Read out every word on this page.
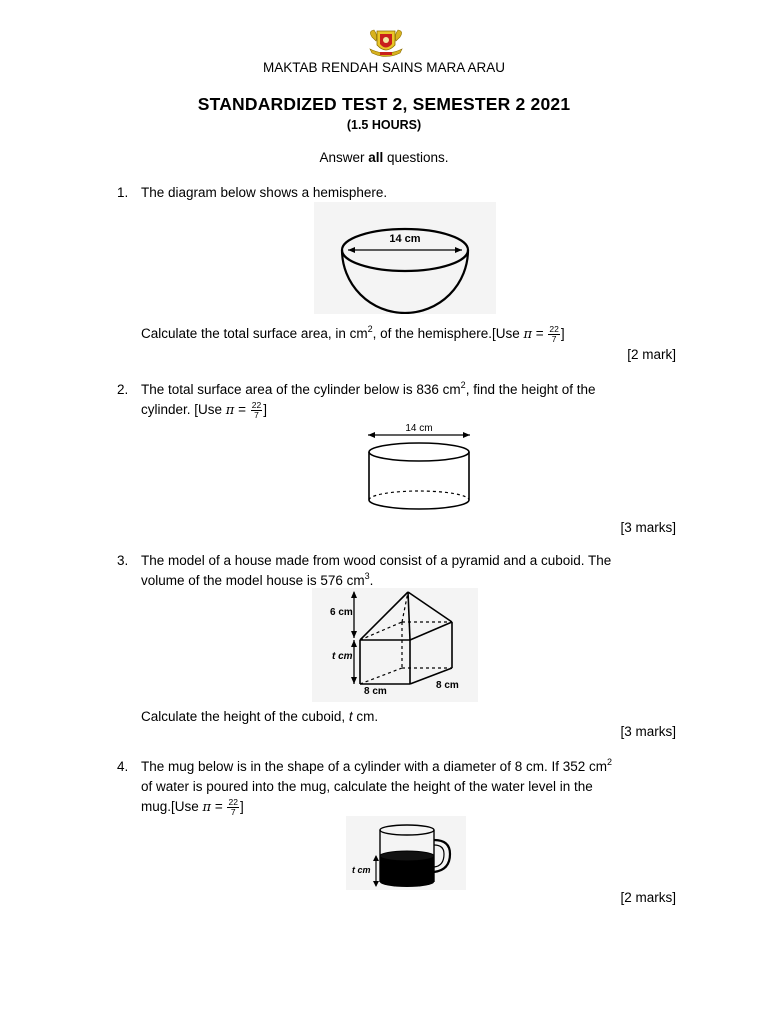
MAKTAB RENDAH SAINS MARA ARAU
STANDARDIZED TEST 2, SEMESTER 2 2021
(1.5 HOURS)
Answer all questions.
1. The diagram below shows a hemisphere.
14 cm
Calculate the total surface area, in $cm^2$, of the hemisphere.[Use $\pi = \frac{22}{7}$ ]
[2 mark]
2. The total surface area of the cylinder below is 836 $cm^2$, find the height of the
cylinder. [Use $\pi = \frac{22}{7}$ ]
14 cm
[3 marks]
3. The model of a house made from wood consist of a pyramid and a cuboid. The
volume of the model house is 576 $cm^3$.
6 cm
t cm
8 cm
8 cm
Calculate the height of the cuboid, t cm.
[3 marks]
4. The mug below is in the shape of a cylinder with a diameter of 8 cm. If 352 $cm^2$
of water is poured into the mug, calculate the height of the water level in the
mug.[Use $\pi = \frac{22}{7}$ ]
t cm
[2 marks]
